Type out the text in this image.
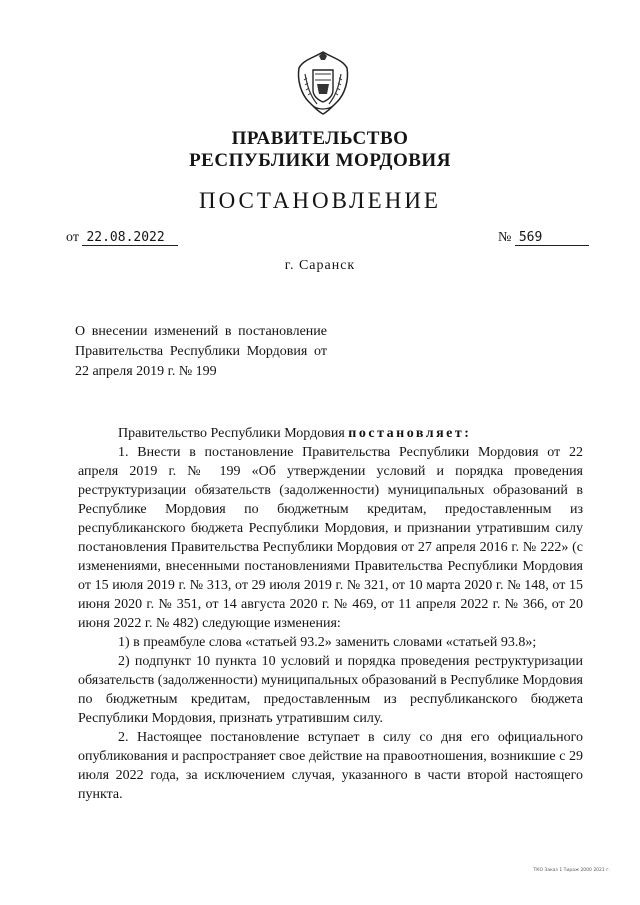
ПРАВИТЕЛЬСТВО
РЕСПУБЛИКИ МОРДОВИЯ
ПОСТАНОВЛЕНИЕ
от 22.08.2022	№ 569
г. Саранск
О внесении изменений в постановление Правительства Республики Мордовия от 22 апреля 2019 г. № 199

Правительство Республики Мордовия постановляет:

1. Внести в постановление Правительства Республики Мордовия от 22 апреля 2019 г. № 199 «Об утверждении условий и порядка проведения реструктуризации обязательств (задолженности) муниципальных образований в Республике Мордовия по бюджетным кредитам, предоставленным из республиканского бюджета Республики Мордовия, и признании утратившим силу постановления Правительства Республики Мордовия от 27 апреля 2016 г. № 222» (с изменениями, внесенными постановлениями Правительства Республики Мордовия от 15 июля 2019 г. № 313, от 29 июля 2019 г. № 321, от 10 марта 2020 г. № 148, от 15 июня 2020 г. № 351, от 14 августа 2020 г. № 469, от 11 апреля 2022 г. № 366, от 20 июня 2022 г. № 482) следующие изменения:

1) в преамбуле слова «статьей 93.2» заменить словами «статьей 93.8»;

2) подпункт 10 пункта 10 условий и порядка проведения реструктуризации обязательств (задолженности) муниципальных образований в Республике Мордовия по бюджетным кредитам, предоставленным из республиканского бюджета Республики Мордовия, признать утратившим силу.

2. Настоящее постановление вступает в силу со дня его официального опубликования и распространяет свое действие на правоотношения, возникшие с 29 июля 2022 года, за исключением случая, указанного в части второй настоящего пункта.

ТКО Заказ 1 Тираж 2000 2021 г.
